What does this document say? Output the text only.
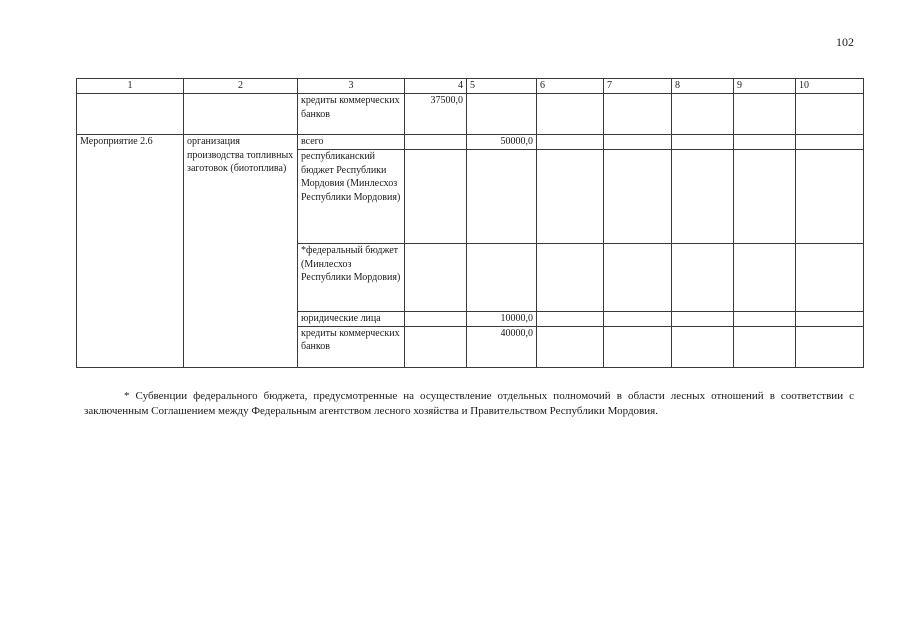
102
1	2	3	4	5	6	7	8	9	10
		кредиты коммерческих банков	37500,0						
Мероприятие 2.6	организация производства топливных заготовок (биотоплива)	всего		50000,0					
		республиканский бюджет Республики Мордовия (Минлесхоз Республики Мордовия)							
		*федеральный бюджет (Минлесхоз Республики Мордовия)							
		юридические лица		10000,0					
		кредиты коммерческих банков		40000,0					
* Субвенции федерального бюджета, предусмотренные на осуществление отдельных полномочий в области лесных отношений в соответствии с заключенным Соглашением между Федеральным агентством лесного хозяйства и Правительством Республики Мордовия.
